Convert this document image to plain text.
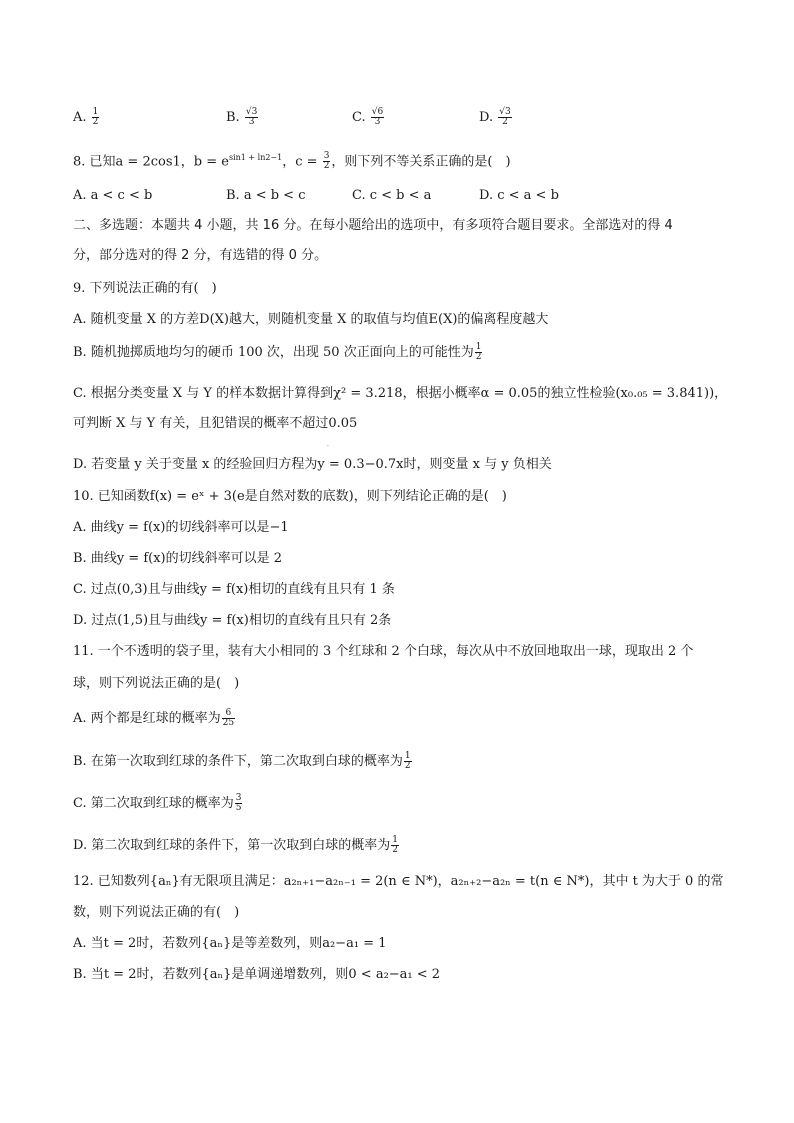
A. $\frac{1}{2}$	B. $\frac{√3}{3}$	C. $\frac{√6}{3}$	D. $\frac{√3}{2}$
8. 已知a = 2cos1，$b = e^{sin1 + ln2-1}$，$c = \frac{3}{2}$ ，则下列不等关系正确的是(　)
A. a < c < b	B. a < b < c	C. c < b < a	D. c < a < b
二、多选题：本题共 4 小题，共 16 分。在每小题给出的选项中，有多项符合题目要求。全部选对的得 4
分，部分选对的得 2 分，有选错的得 0 分。
9. 下列说法正确的有(　)
A. 随机变量 X 的方差D(X)越大，则随机变量 X 的取值与均值E(X)的偏离程度越大
B. 随机抛掷质地均匀的硬币 100 次，出现 50 次正面向上的可能性为 $\frac{1}{2}$
C. 根据分类变量 X 与 Y 的样本数据计算得到χ² = 3.218，根据小概率α = 0.05的独立性检验(x₀.₀₅ = 3.841))，
可判断 X 与 Y 有关，且犯错误的概率不超过0.05
·
D. 若变量 y 关于变量 x 的经验回归方程为y = 0.3−0.7x时，则变量 x 与 y 负相关
10. 已知函数f(x) = eˣ + 3(e是自然对数的底数)，则下列结论正确的是(　)
A. 曲线y = f(x)的切线斜率可以是−1
B. 曲线y = f(x)的切线斜率可以是 2
C. 过点(0,3)且与曲线y = f(x)相切的直线有且只有 1 条
D. 过点(1,5)且与曲线y = f(x)相切的直线有且只有 2条
11. 一个不透明的袋子里，装有大小相同的 3 个红球和 2 个白球，每次从中不放回地取出一球，现取出 2 个
球，则下列说法正确的是(　)
A. 两个都是红球的概率为 $\frac{6}{25}$
B. 在第一次取到红球的条件下，第二次取到白球的概率为 $\frac{1}{2}$
C. 第二次取到红球的概率为 $\frac{3}{5}$
D. 第二次取到红球的条件下，第一次取到白球的概率为 $\frac{1}{2}$
12. 已知数列{aₙ}有无限项且满足：a₂ₙ₊₁−a₂ₙ₋₁ = 2(n ∈ N*)，a₂ₙ₊₂−a₂ₙ = t(n ∈ N*)，其中 t 为大于 0 的常
数，则下列说法正确的有(　)
A. 当t = 2时，若数列{aₙ}是等差数列，则a₂−a₁ = 1
B. 当t = 2时，若数列{aₙ}是单调递增数列，则0 < a₂−a₁ < 2
